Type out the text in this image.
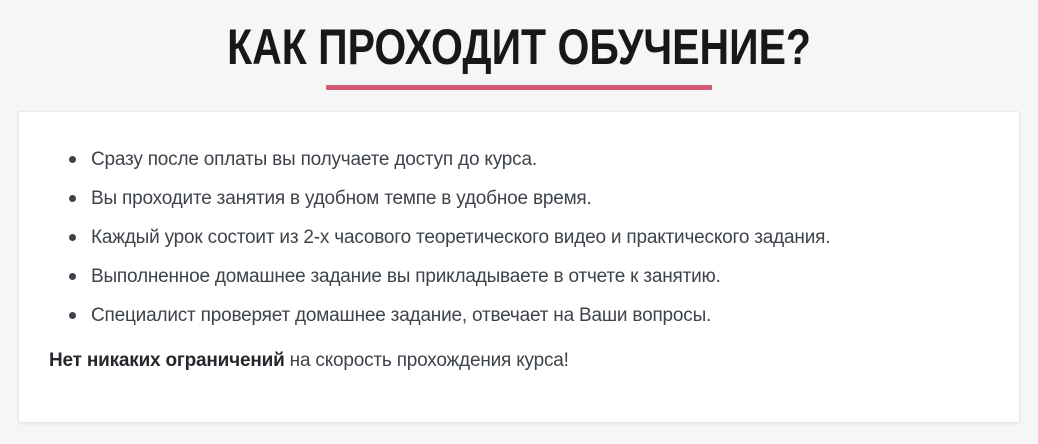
КАК ПРОХОДИТ ОБУЧЕНИЕ?
Сразу после оплаты вы получаете доступ до курса.
Вы проходите занятия в удобном темпе в удобное время.
Каждый урок состоит из 2-х часового теоретического видео и практического задания.
Выполненное домашнее задание вы прикладываете в отчете к занятию.
Специалист проверяет домашнее задание, отвечает на Ваши вопросы.

Нет никаких ограничений на скорость прохождения курса!
